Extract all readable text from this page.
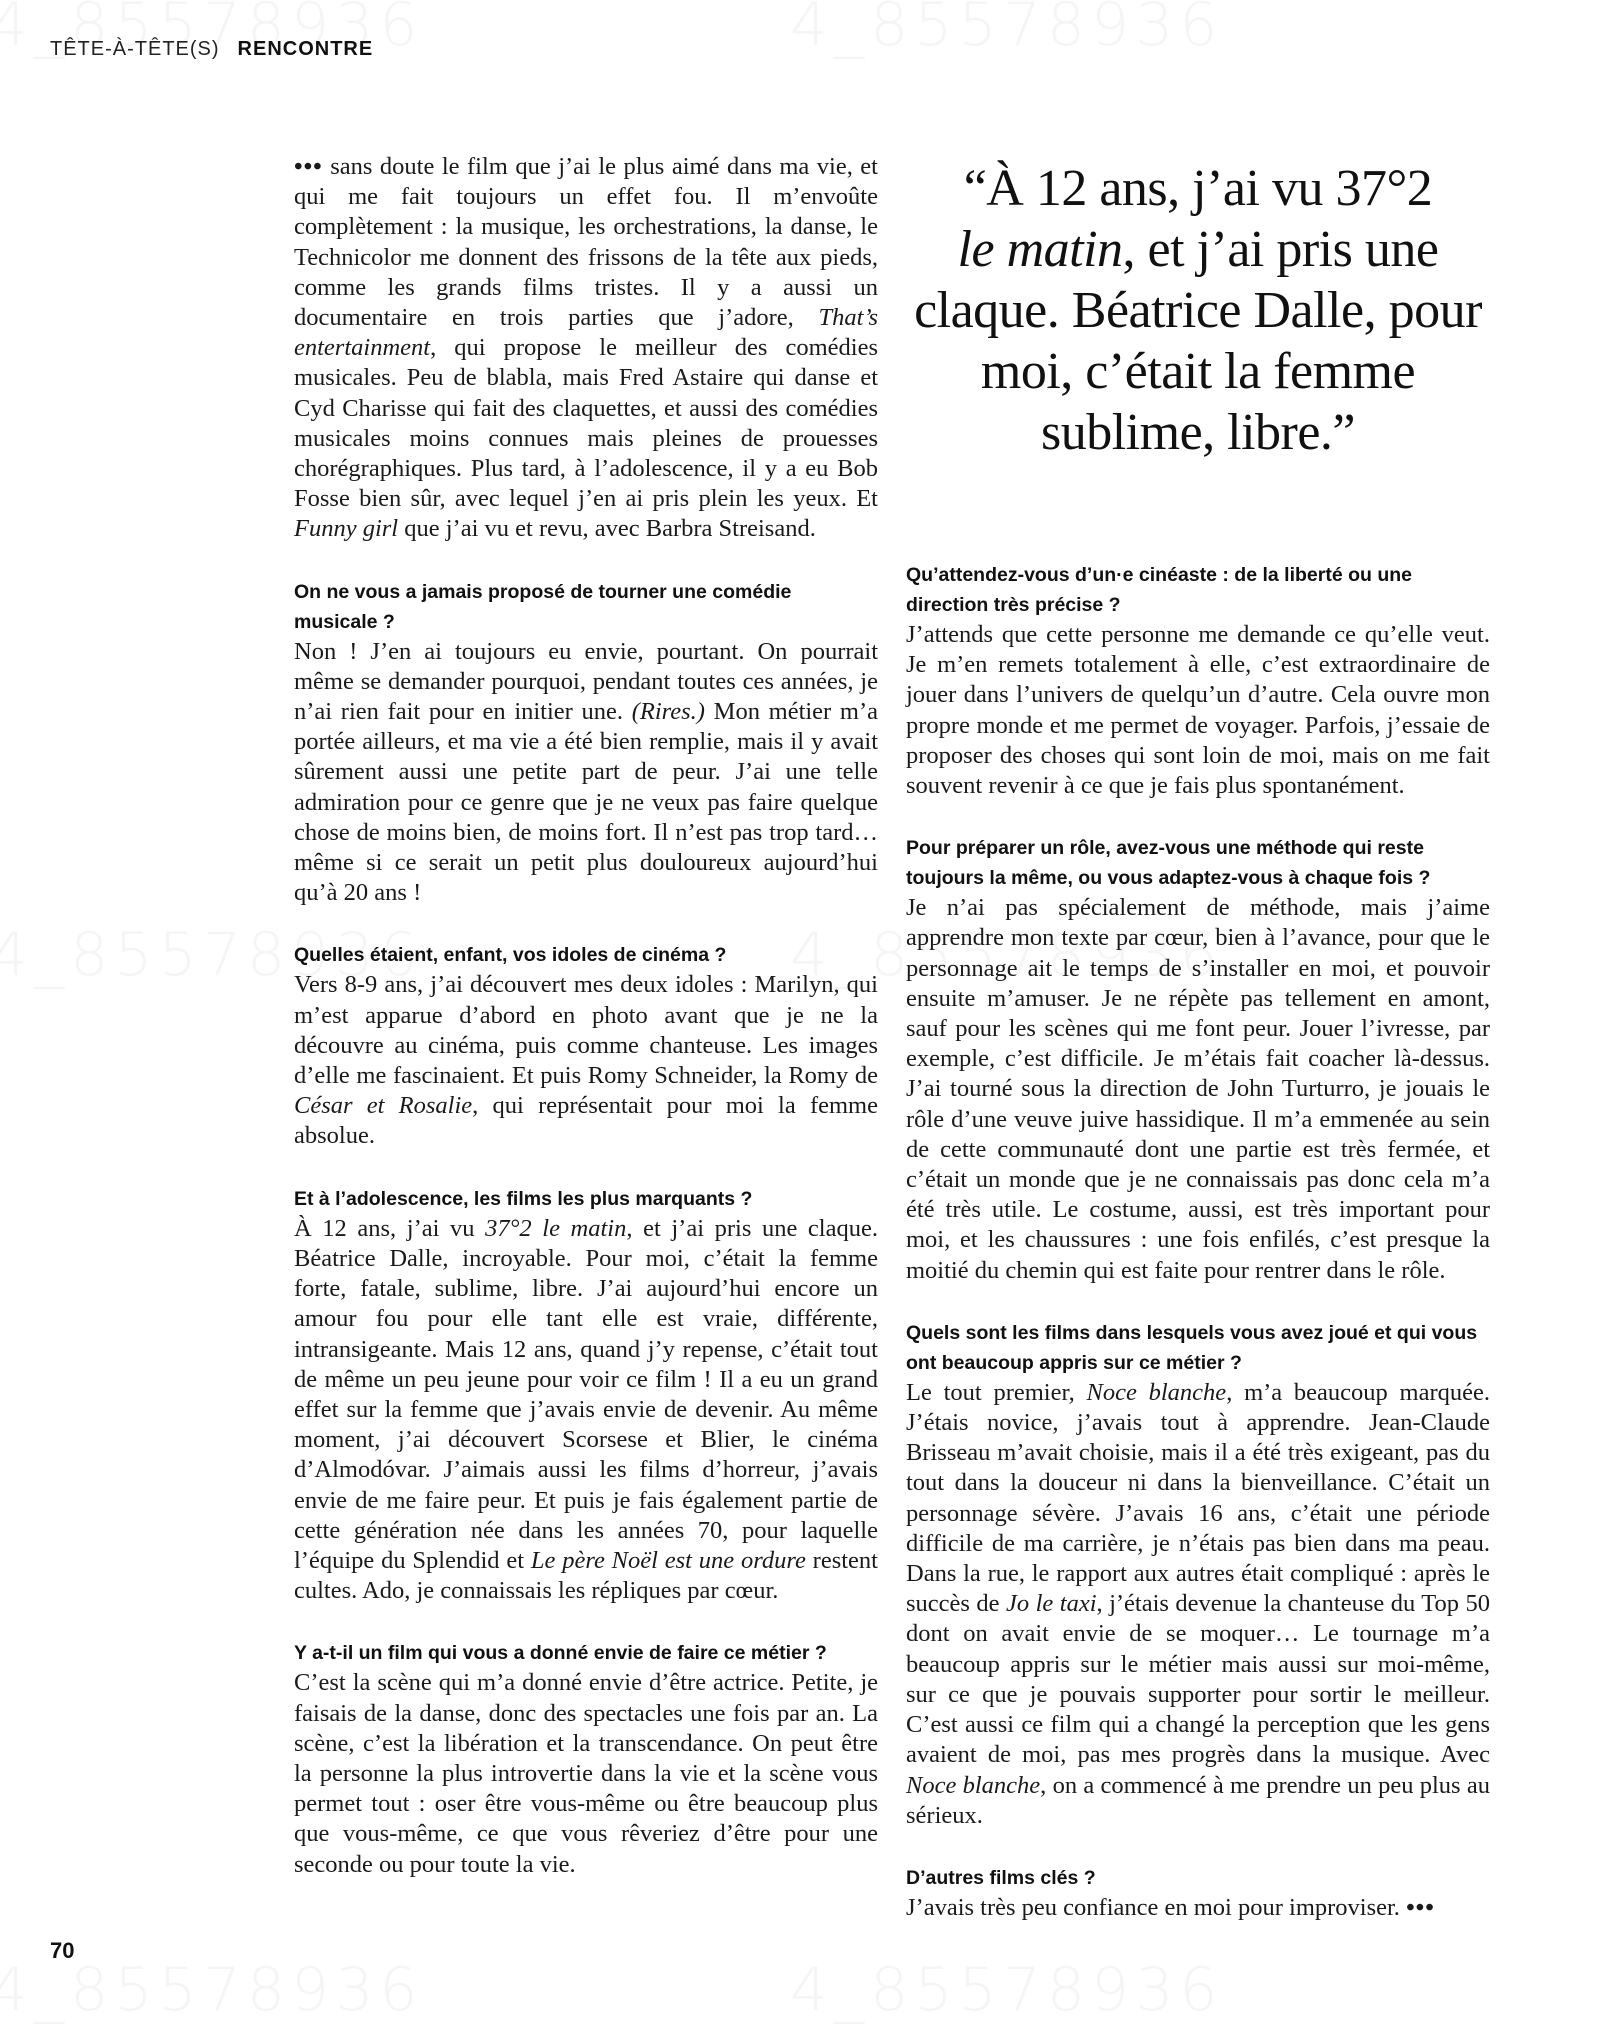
TÊTE-À-TÊTE(S) RENCONTRE

••• sans doute le film que j’ai le plus aimé dans ma vie, et qui me fait toujours un effet fou. Il m’envoûte complètement : la musique, les orchestrations, la danse, le Technicolor me donnent des frissons de la tête aux pieds, comme les grands films tristes. Il y a aussi un documentaire en trois parties que j’adore, That’s entertainment, qui propose le meilleur des comédies musicales. Peu de blabla, mais Fred Astaire qui danse et Cyd Charisse qui fait des claquettes, et aussi des comédies musicales moins connues mais pleines de prouesses chorégraphiques. Plus tard, à l’adolescence, il y a eu Bob Fosse bien sûr, avec lequel j’en ai pris plein les yeux. Et Funny girl que j’ai vu et revu, avec Barbra Streisand.

On ne vous a jamais proposé de tourner une comédie musicale ?

Non ! J’en ai toujours eu envie, pourtant. On pourrait même se demander pourquoi, pendant toutes ces années, je n’ai rien fait pour en initier une. (Rires.) Mon métier m’a portée ailleurs, et ma vie a été bien remplie, mais il y avait sûrement aussi une petite part de peur. J’ai une telle admiration pour ce genre que je ne veux pas faire quelque chose de moins bien, de moins fort. Il n’est pas trop tard… même si ce serait un petit plus douloureux aujourd’hui qu’à 20 ans !

Quelles étaient, enfant, vos idoles de cinéma ?

Vers 8-9 ans, j’ai découvert mes deux idoles : Marilyn, qui m’est apparue d’abord en photo avant que je ne la découvre au cinéma, puis comme chanteuse. Les images d’elle me fascinaient. Et puis Romy Schneider, la Romy de César et Rosalie, qui représentait pour moi la femme absolue.

Et à l’adolescence, les films les plus marquants ?

À 12 ans, j’ai vu 37°2 le matin, et j’ai pris une claque. Béatrice Dalle, incroyable. Pour moi, c’était la femme forte, fatale, sublime, libre. J’ai aujourd’hui encore un amour fou pour elle tant elle est vraie, différente, intransigeante. Mais 12 ans, quand j’y repense, c’était tout de même un peu jeune pour voir ce film ! Il a eu un grand effet sur la femme que j’avais envie de devenir. Au même moment, j’ai découvert Scorsese et Blier, le cinéma d’Almodóvar. J’aimais aussi les films d’horreur, j’avais envie de me faire peur. Et puis je fais également partie de cette génération née dans les années 70, pour laquelle l’équipe du Splendid et Le père Noël est une ordure restent cultes. Ado, je connaissais les répliques par cœur.

Y a-t-il un film qui vous a donné envie de faire ce métier ?

C’est la scène qui m’a donné envie d’être actrice. Petite, je faisais de la danse, donc des spectacles une fois par an. La scène, c’est la libération et la transcendance. On peut être la personne la plus introvertie dans la vie et la scène vous permet tout : oser être vous-même ou être beaucoup plus que vous-même, ce que vous rêveriez d’être pour une seconde ou pour toute la vie.

“À 12 ans, j’ai vu 37°2
le matin, et j’ai pris une claque. Béatrice Dalle, pour moi, c’était la femme sublime, libre.”

Qu’attendez-vous d’un·e cinéaste : de la liberté ou une direction très précise ?

J’attends que cette personne me demande ce qu’elle veut. Je m’en remets totalement à elle, c’est extraordinaire de jouer dans l’univers de quelqu’un d’autre. Cela ouvre mon propre monde et me permet de voyager. Parfois, j’essaie de proposer des choses qui sont loin de moi, mais on me fait souvent revenir à ce que je fais plus spontanément.

Pour préparer un rôle, avez-vous une méthode qui reste toujours la même, ou vous adaptez-vous à chaque fois ?

Je n’ai pas spécialement de méthode, mais j’aime apprendre mon texte par cœur, bien à l’avance, pour que le personnage ait le temps de s’installer en moi, et pouvoir ensuite m’amuser. Je ne répète pas tellement en amont, sauf pour les scènes qui me font peur. Jouer l’ivresse, par exemple, c’est difficile. Je m’étais fait coacher là-dessus. J’ai tourné sous la direction de John Turturro, je jouais le rôle d’une veuve juive hassidique. Il m’a emmenée au sein de cette communauté dont une partie est très fermée, et c’était un monde que je ne connaissais pas donc cela m’a été très utile. Le costume, aussi, est très important pour moi, et les chaussures : une fois enfilés, c’est presque la moitié du chemin qui est faite pour rentrer dans le rôle.

Quels sont les films dans lesquels vous avez joué et qui vous ont beaucoup appris sur ce métier ?

Le tout premier, Noce blanche, m’a beaucoup marquée. J’étais novice, j’avais tout à apprendre. Jean-Claude Brisseau m’avait choisie, mais il a été très exigeant, pas du tout dans la douceur ni dans la bienveillance. C’était un personnage sévère. J’avais 16 ans, c’était une période difficile de ma carrière, je n’étais pas bien dans ma peau. Dans la rue, le rapport aux autres était compliqué : après le succès de Jo le taxi, j’étais devenue la chanteuse du Top 50 dont on avait envie de se moquer… Le tournage m’a beaucoup appris sur le métier mais aussi sur moi-même, sur ce que je pouvais supporter pour sortir le meilleur. C’est aussi ce film qui a changé la perception que les gens avaient de moi, pas mes progrès dans la musique. Avec Noce blanche, on a commencé à me prendre un peu plus au sérieux.

D’autres films clés ?

J’avais très peu confiance en moi pour improviser. •••

70
